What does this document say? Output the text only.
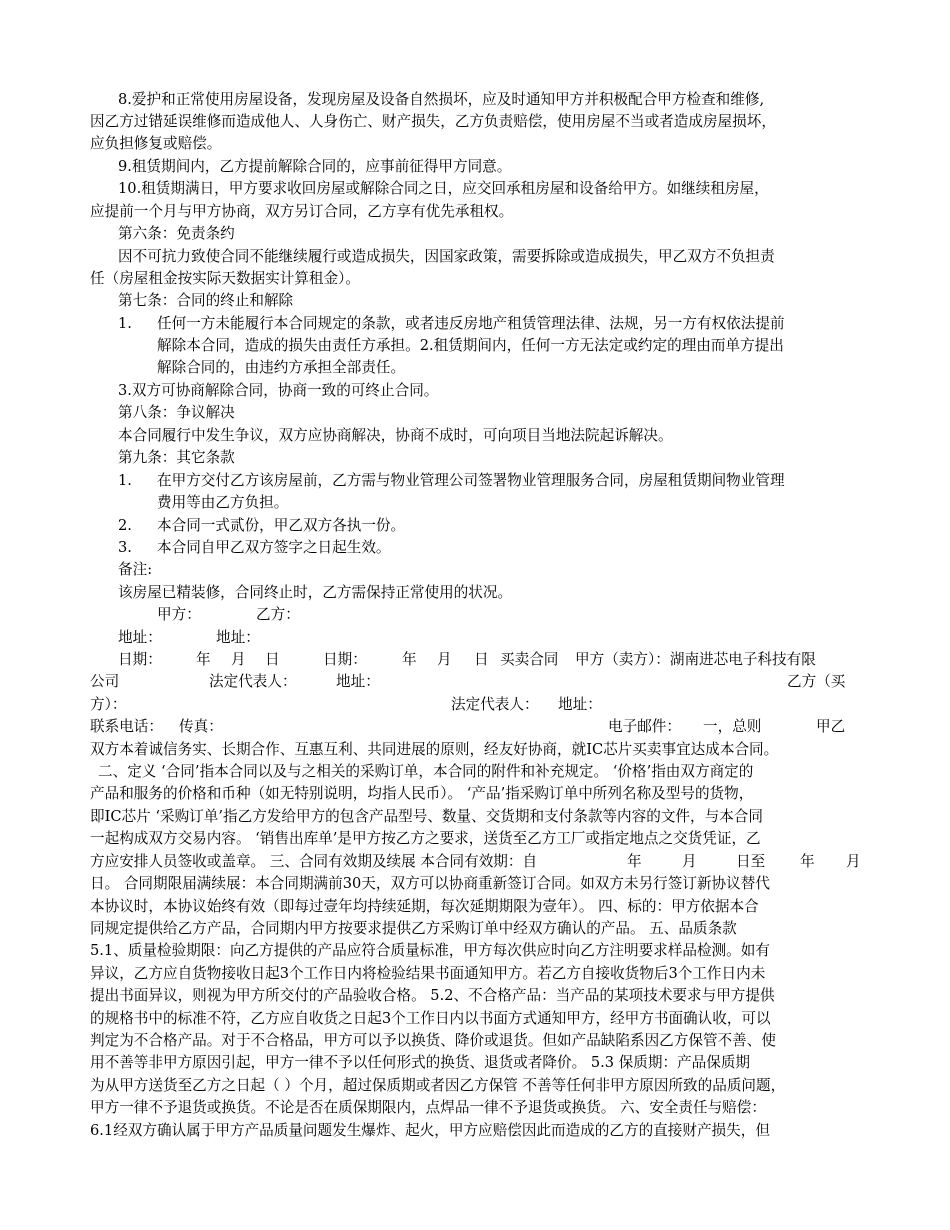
8.爱护和正常使用房屋设备，发现房屋及设备自然损坏，应及时通知甲方并积极配合甲方检查和维修,
因乙方过错延误维修而造成他人、人身伤亡、财产损失，乙方负责赔偿，使用房屋不当或者造成房屋损坏，
应负担修复或赔偿。
9.租赁期间内，乙方提前解除合同的，应事前征得甲方同意。
10.租赁期满日，甲方要求收回房屋或解除合同之日，应交回承租房屋和设备给甲方。如继续租房屋，
应提前一个月与甲方协商，双方另订合同，乙方享有优先承租权。
第六条：免责条约
因不可抗力致使合同不能继续履行或造成损失，因国家政策，需要拆除或造成损失，甲乙双方不负担责
任（房屋租金按实际天数据实计算租金）。
第七条：合同的终止和解除
1. 任何一方未能履行本合同规定的条款，或者违反房地产租赁管理法律、法规，另一方有权依法提前
解除本合同，造成的损失由责任方承担。2.租赁期间内，任何一方无法定或约定的理由而单方提出
解除合同的，由违约方承担全部责任。
3.双方可协商解除合同，协商一致的可终止合同。
第八条：争议解决
本合同履行中发生争议，双方应协商解决，协商不成时，可向项目当地法院起诉解决。
第九条：其它条款
1. 在甲方交付乙方该房屋前，乙方需与物业管理公司签署物业管理服务合同，房屋租赁期间物业管理
费用等由乙方负担。
2. 本合同一式贰份，甲乙双方各执一份。
3. 本合同自甲乙双方签字之日起生效。
备注:
该房屋已精装修，合同终止时，乙方需保持正常使用的状况。
甲方：	乙方：
地址：	地址：
日期： 年 月 日	日期： 年 月 日 买卖合同 甲方（卖方）：湖南进芯电子科技有限
公司	法定代表人：	地址：	乙方（买
方）：	法定代表人： 地址：
联系电话： 传真：	电子邮件： 一，总则	甲乙
双方本着诚信务实、长期合作、互惠互利、共同进展的原则，经友好协商，就IC芯片买卖事宜达成本合同。
二、定义 ‘合同’指本合同以及与之相关的采购订单，本合同的附件和补充规定。 ‘价格’指由双方商定的
产品和服务的价格和币种（如无特别说明，均指人民币）。 ‘产品’指采购订单中所列名称及型号的货物，
即IC芯片 ‘采购订单’指乙方发给甲方的包含产品型号、数量、交货期和支付条款等内容的文件，与本合同
一起构成双方交易内容。 ‘销售出库单’是甲方按乙方之要求，送货至乙方工厂或指定地点之交货凭证，乙
方应安排人员签收或盖章。 三、合同有效期及续展 本合同有效期：自	年	月	日至 年 月
日。 合同期限届满续展：本合同期满前30天，双方可以协商重新签订合同。如双方未另行签订新协议替代
本协议时，本协议始终有效（即每过壹年均持续延期，每次延期期限为壹年）。 四、标的：甲方依据本合
同规定提供给乙方产品，合同期内甲方按要求提供乙方采购订单中经双方确认的产品。 五、品质条款
5.1、质量检验期限：向乙方提供的产品应符合质量标准，甲方每次供应时向乙方注明要求样品检测。如有
异议，乙方应自货物接收日起3个工作日内将检验结果书面通知甲方。若乙方自接收货物后3个工作日内未
提出书面异议，则视为甲方所交付的产品验收合格。 5.2、不合格产品：当产品的某项技术要求与甲方提供
的规格书中的标准不符，乙方应自收货之日起3个工作日内以书面方式通知甲方，经甲方书面确认收，可以
判定为不合格产品。对于不合格品，甲方可以予以换货、降价或退货。但如产品缺陷系因乙方保管不善、使
用不善等非甲方原因引起，甲方一律不予以任何形式的换货、退货或者降价。 5.3 保质期：产品保质期
为从甲方送货至乙方之日起（ ）个月，超过保质期或者因乙方保管 不善等任何非甲方原因所致的品质问题，
甲方一律不予退货或换货。不论是否在质保期限内，点焊品一律不予退货或换货。 六、安全责任与赔偿：
6.1经双方确认属于甲方产品质量问题发生爆炸、起火，甲方应赔偿因此而造成的乙方的直接财产损失，但
